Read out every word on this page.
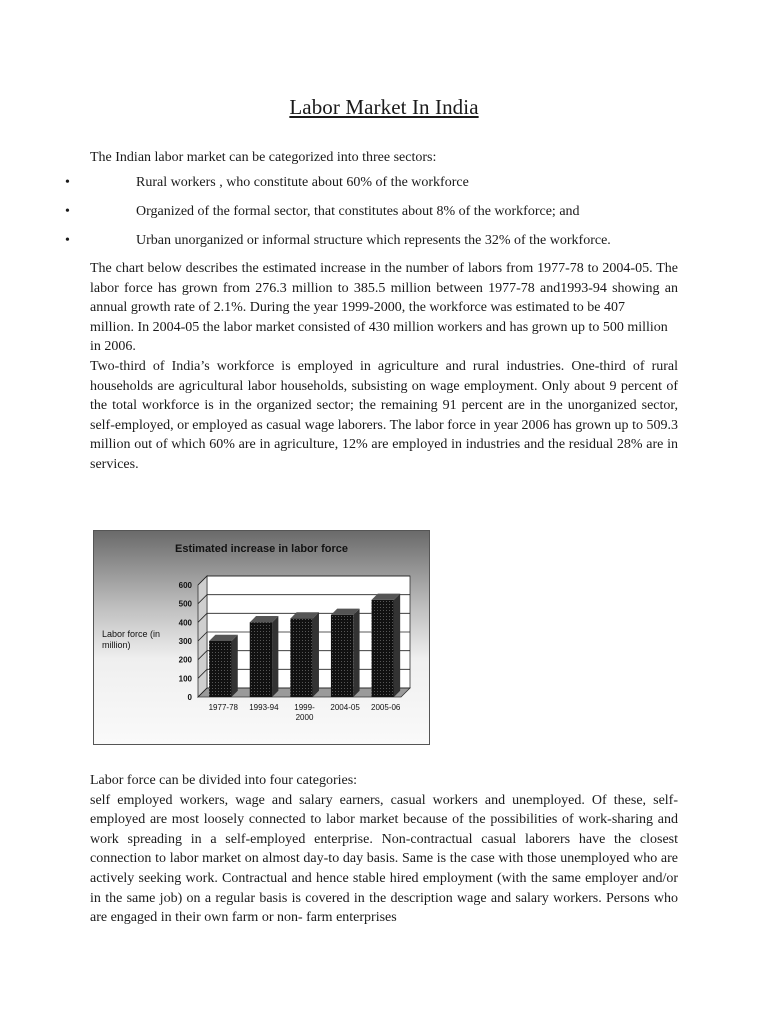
Labor Market In India
The Indian labor market can be categorized into three sectors:
•	Rural workers , who constitute about 60% of the workforce
•	Organized of the formal sector, that constitutes about 8% of the workforce; and
•	Urban unorganized or informal structure which represents the 32% of the workforce.

The chart below describes the estimated increase in the number of labors from 1977-78 to 2004-05. The labor force has grown from 276.3 million to 385.5 million between 1977-78 and1993-94 showing an annual growth rate of 2.1%. During the year 1999-2000, the workforce was estimated to be 407

million. In 2004-05 the labor market consisted of 430 million workers and has grown up to 500 million in 2006.

Two-third of India’s workforce is employed in agriculture and rural industries. One-third of rural households are agricultural labor households, subsisting on wage employment. Only about 9 percent of the total workforce is in the organized sector; the remaining 91 percent are in the unorganized sector, self-employed, or employed as casual wage laborers. The labor force in year 2006 has grown up to 509.3 million out of which 60% are in agriculture, 12% are employed in industries and the residual 28% are in services.

Estimated increase in labor force
Labor force (in million)
0
100
200
300
400
500
600
1977-78 1993-94 1999-
2000
2004-05 2005-06

Labor force can be divided into four categories:

self employed workers, wage and salary earners, casual workers and unemployed. Of these, self-employed are most loosely connected to labor market because of the possibilities of work-sharing and work spreading in a self-employed enterprise. Non-contractual casual laborers have the closest connection to labor market on almost day-to day basis. Same is the case with those unemployed who are actively seeking work. Contractual and hence stable hired employment (with the same employer and/or in the same job) on a regular basis is covered in the description wage and salary workers. Persons who are engaged in their own farm or non- farm enterprises
